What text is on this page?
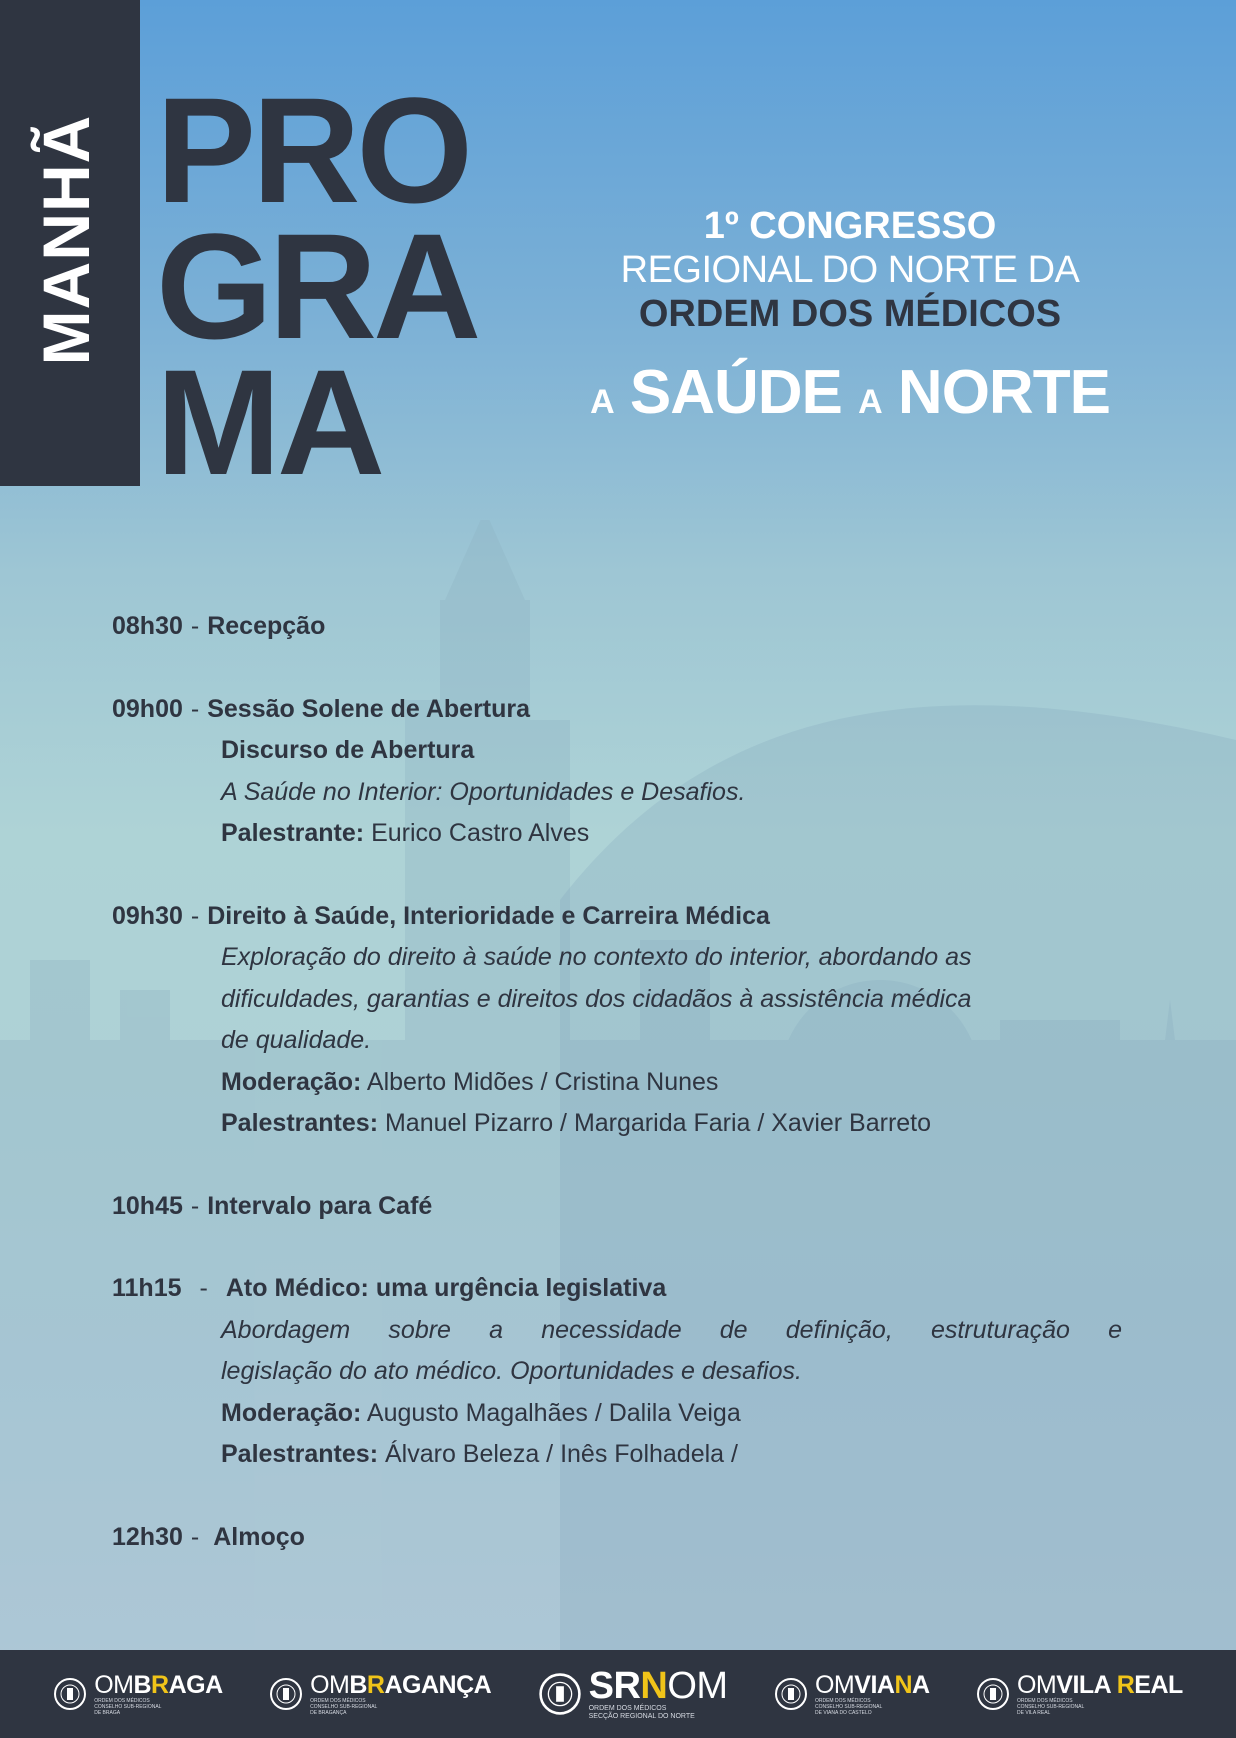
MANHÃ PRO
GRA
MA
1º CONGRESSO
REGIONAL DO NORTE DA
ORDEM DOS MÉDICOS
A SAÚDE A NORTE
08h30 - Recepção
09h00 - Sessão Solene de Abertura
Discurso de Abertura
A Saúde no Interior: Oportunidades e Desafios.
Palestrante: Eurico Castro Alves
09h30 - Direito à Saúde, Interioridade e Carreira Médica
Exploração do direito à saúde no contexto do interior, abordando as
dificuldades, garantias e direitos dos cidadãos à assistência médica
de qualidade.
Moderação: Alberto Midões / Cristina Nunes
Palestrantes: Manuel Pizarro / Margarida Faria / Xavier Barreto
10h45 - Intervalo para Café
11h15 - Ato Médico: uma urgência legislativa
Abordagem sobre a necessidade de definição, estruturação e
legislação do ato médico. Oportunidades e desafios.
Moderação: Augusto Magalhães / Dalila Veiga
Palestrantes: Álvaro Beleza / Inês Folhadela /
12h30 - Almoço
OMBRAGA
ORDEM DOS MÉDICOS
CONSELHO SUB-REGIONAL
DE BRAGA
OMBRAGANÇA
ORDEM DOS MÉDICOS
CONSELHO SUB-REGIONAL
DE BRAGANÇA
SRNOM
ORDEM DOS MÉDICOS
SECÇÃO REGIONAL DO NORTE
OMVIANA
ORDEM DOS MÉDICOS
CONSELHO SUB-REGIONAL
DE VIANA DO CASTELO
OMVILA REAL
ORDEM DOS MÉDICOS
CONSELHO SUB-REGIONAL
DE VILA REAL
